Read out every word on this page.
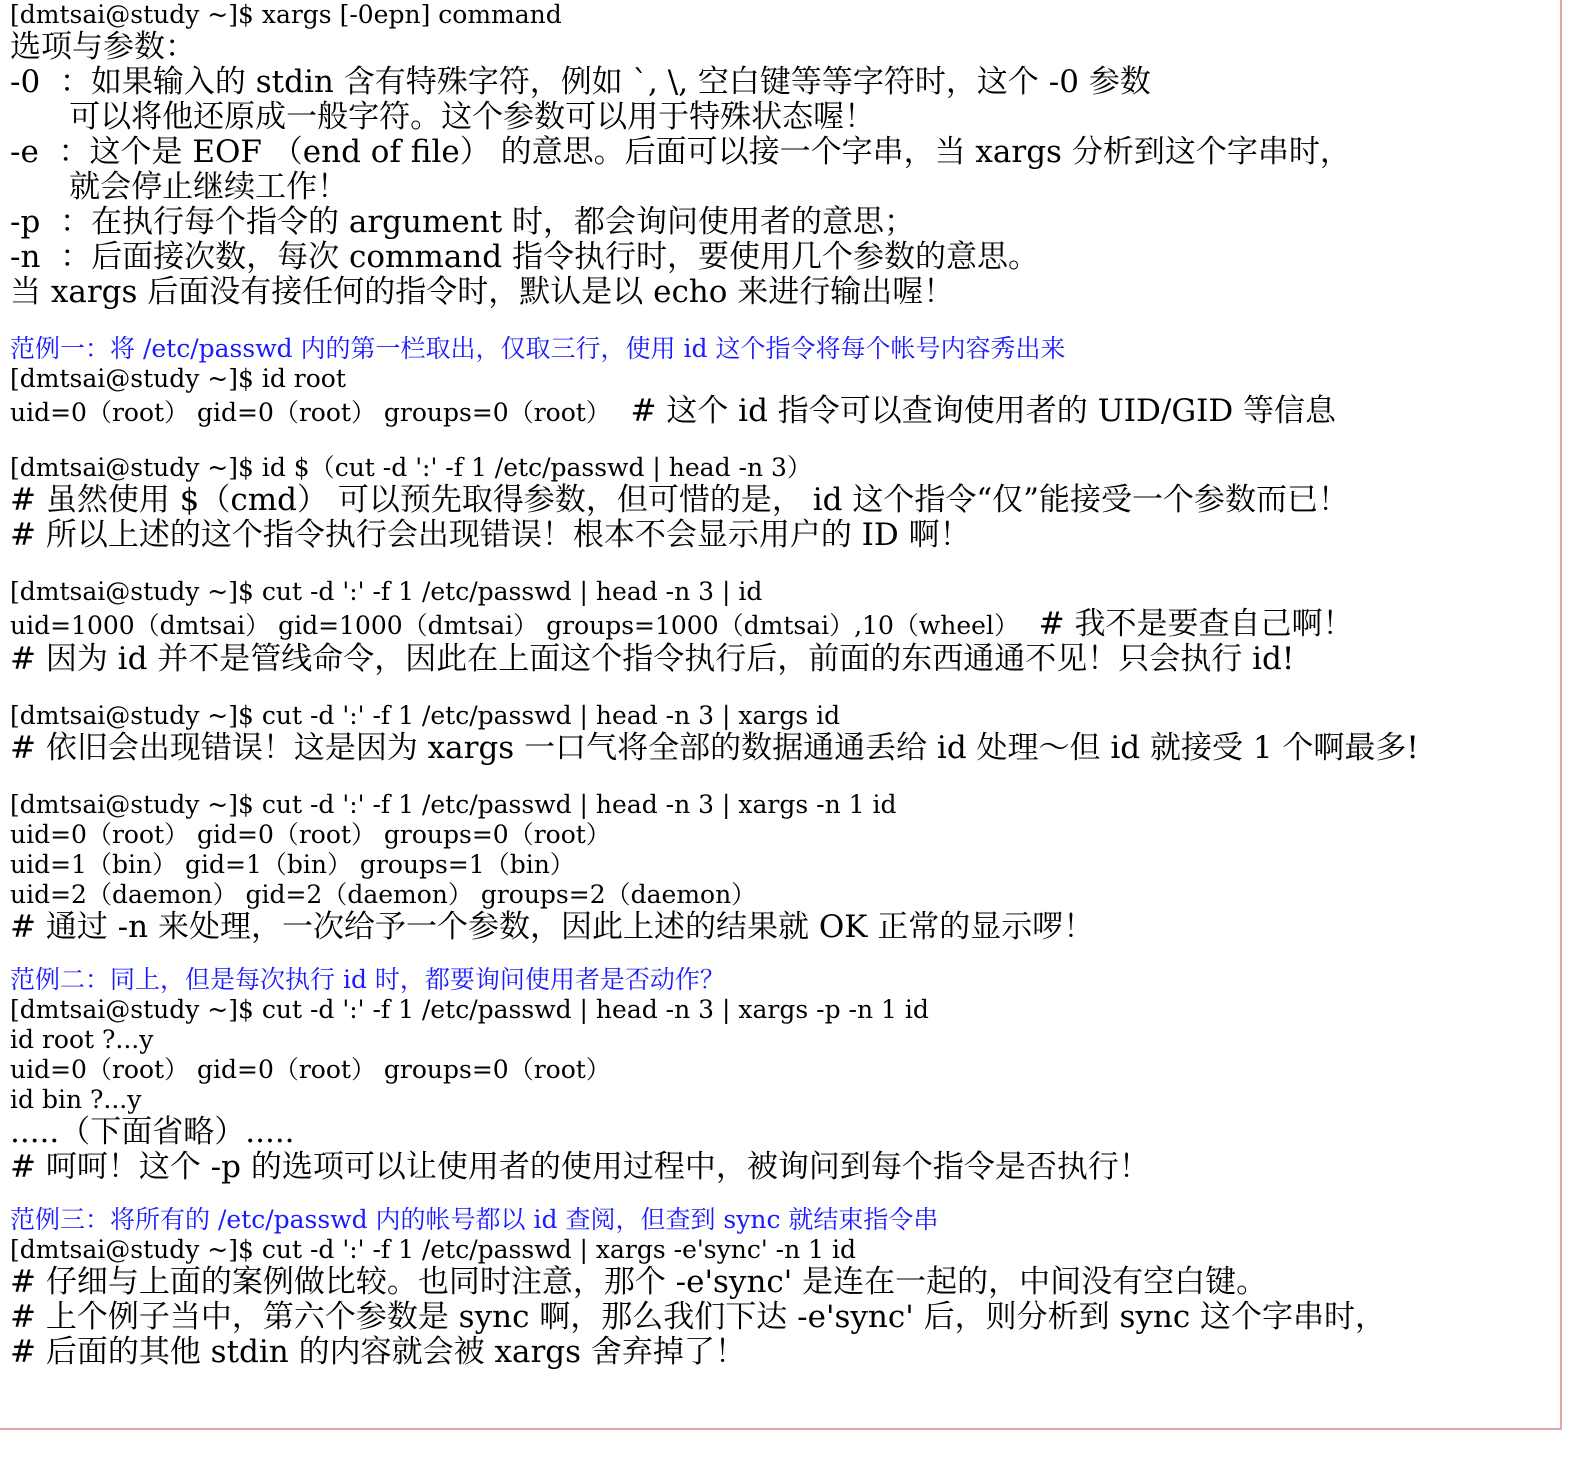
[dmtsai@study ~]$ xargs [-0epn] command

选项与参数：

-0  ：如果输入的 stdin 含有特殊字符，例如 `, \, 空白键等等字符时，这个 -0 参数

可以将他还原成一般字符。这个参数可以用于特殊状态喔！

-e  ：这个是 EOF （end of file） 的意思。后面可以接一个字串，当 xargs 分析到这个字串时，

就会停止继续工作！

-p  ：在执行每个指令的 argument 时，都会询问使用者的意思；

-n  ：后面接次数，每次 command 指令执行时，要使用几个参数的意思。

当 xargs 后面没有接任何的指令时，默认是以 echo 来进行输出喔！

范例一：将 /etc/passwd 内的第一栏取出，仅取三行，使用 id 这个指令将每个帐号内容秀出来

[dmtsai@study ~]$ id root

uid=0（root） gid=0（root） groups=0（root）  # 这个 id 指令可以查询使用者的 UID/GID 等信息

[dmtsai@study ~]$ id $（cut -d ':' -f 1 /etc/passwd | head -n 3）

# 虽然使用 $（cmd） 可以预先取得参数，但可惜的是， id 这个指令“仅”能接受一个参数而已！

# 所以上述的这个指令执行会出现错误！根本不会显示用户的 ID 啊！

[dmtsai@study ~]$ cut -d ':' -f 1 /etc/passwd | head -n 3 | id

uid=1000（dmtsai） gid=1000（dmtsai） groups=1000（dmtsai）,10（wheel）  # 我不是要查自己啊！

# 因为 id 并不是管线命令，因此在上面这个指令执行后，前面的东西通通不见！只会执行 id!

[dmtsai@study ~]$ cut -d ':' -f 1 /etc/passwd | head -n 3 | xargs id

# 依旧会出现错误！这是因为 xargs 一口气将全部的数据通通丢给 id 处理～但 id 就接受 1 个啊最多!

[dmtsai@study ~]$ cut -d ':' -f 1 /etc/passwd | head -n 3 | xargs -n 1 id

uid=0（root） gid=0（root） groups=0（root）

uid=1（bin） gid=1（bin） groups=1（bin）

uid=2（daemon） gid=2（daemon） groups=2（daemon）

# 通过 -n 来处理，一次给予一个参数，因此上述的结果就 OK 正常的显示啰！

范例二：同上，但是每次执行 id 时，都要询问使用者是否动作？

[dmtsai@study ~]$ cut -d ':' -f 1 /etc/passwd | head -n 3 | xargs -p -n 1 id

id root ?...y

uid=0（root） gid=0（root） groups=0（root）

id bin ?...y

.....（下面省略）.....

# 呵呵！这个 -p 的选项可以让使用者的使用过程中，被询问到每个指令是否执行！

范例三：将所有的 /etc/passwd 内的帐号都以 id 查阅，但查到 sync 就结束指令串

[dmtsai@study ~]$ cut -d ':' -f 1 /etc/passwd | xargs -e'sync' -n 1 id

# 仔细与上面的案例做比较。也同时注意，那个 -e'sync' 是连在一起的，中间没有空白键。

# 上个例子当中，第六个参数是 sync 啊，那么我们下达 -e'sync' 后，则分析到 sync 这个字串时，

# 后面的其他 stdin 的内容就会被 xargs 舍弃掉了！
